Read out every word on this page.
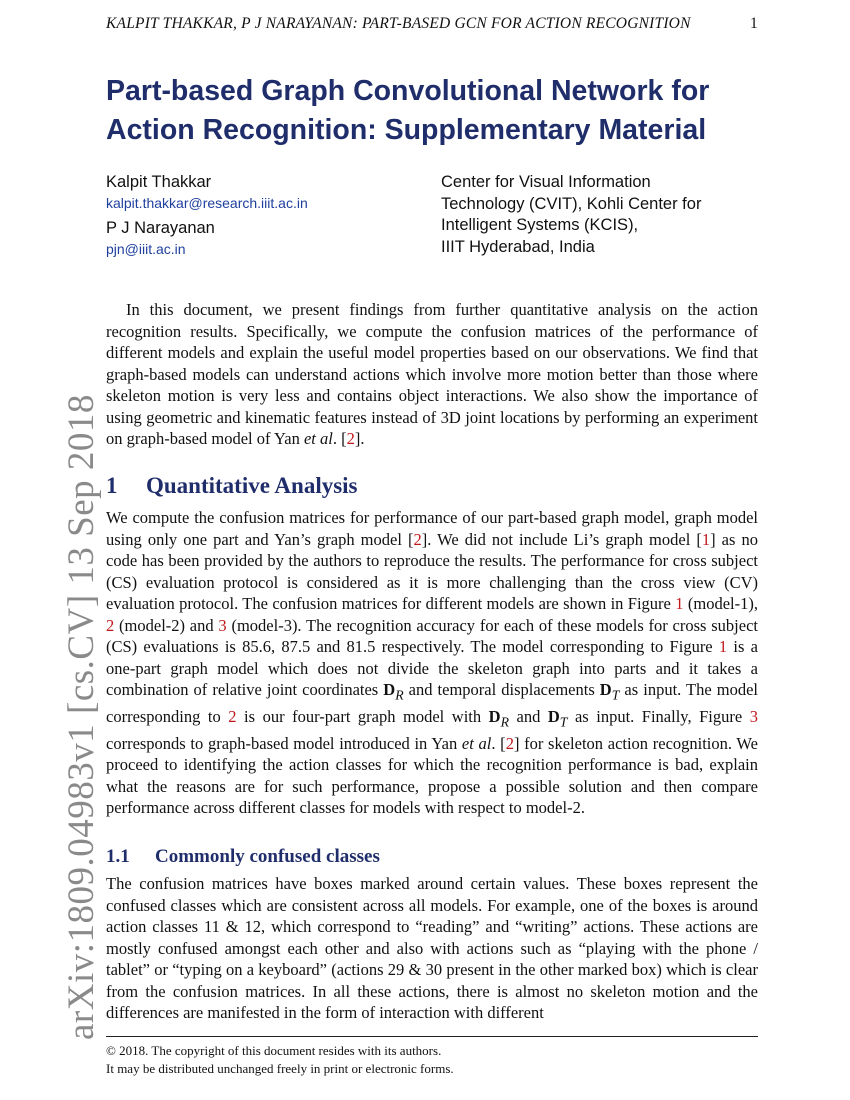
KALPIT THAKKAR, P J NARAYANAN: PART-BASED GCN FOR ACTION RECOGNITION	1
arXiv:1809.04983v1 [cs.CV] 13 Sep 2018
Part-based Graph Convolutional Network for Action Recognition: Supplementary Material
Kalpit Thakkar
kalpit.thakkar@research.iiit.ac.in
P J Narayanan
pjn@iiit.ac.in
Center for Visual Information
Technology (CVIT), Kohli Center for
Intelligent Systems (KCIS),
IIIT Hyderabad, India

In this document, we present findings from further quantitative analysis on the action recognition results. Specifically, we compute the confusion matrices of the performance of different models and explain the useful model properties based on our observations. We find that graph-based models can understand actions which involve more motion better than those where skeleton motion is very less and contains object interactions. We also show the importance of using geometric and kinematic features instead of 3D joint locations by performing an experiment on graph-based model of Yan et al. [2].

1 Quantitative Analysis

We compute the confusion matrices for performance of our part-based graph model, graph model using only one part and Yan’s graph model [2]. We did not include Li’s graph model [1] as no code has been provided by the authors to reproduce the results. The performance for cross subject (CS) evaluation protocol is considered as it is more challenging than the cross view (CV) evaluation protocol. The confusion matrices for different models are shown in Figure 1 (model-1), 2 (model-2) and 3 (model-3). The recognition accuracy for each of these models for cross subject (CS) evaluations is 85.6, 87.5 and 81.5 respectively. The model corresponding to Figure 1 is a one-part graph model which does not divide the skeleton graph into parts and it takes a combination of relative joint coordinates $D_R$ and temporal displacements $D_T$ as input. The model corresponding to 2 is our four-part graph model with $D_R$ and $D_T$ as input. Finally, Figure 3 corresponds to graph-based model introduced in Yan et al. [2] for skeleton action recognition. We proceed to identifying the action classes for which the recognition performance is bad, explain what the reasons are for such performance, propose a possible solution and then compare performance across different classes for models with respect to model-2.

1.1 Commonly confused classes

The confusion matrices have boxes marked around certain values. These boxes represent the confused classes which are consistent across all models. For example, one of the boxes is around action classes 11 & 12, which correspond to “reading” and “writing” actions. These actions are mostly confused amongst each other and also with actions such as “playing with the phone / tablet” or “typing on a keyboard” (actions 29 & 30 present in the other marked box) which is clear from the confusion matrices. In all these actions, there is almost no skeleton motion and the differences are manifested in the form of interaction with different

© 2018. The copyright of this document resides with its authors.
It may be distributed unchanged freely in print or electronic forms.
